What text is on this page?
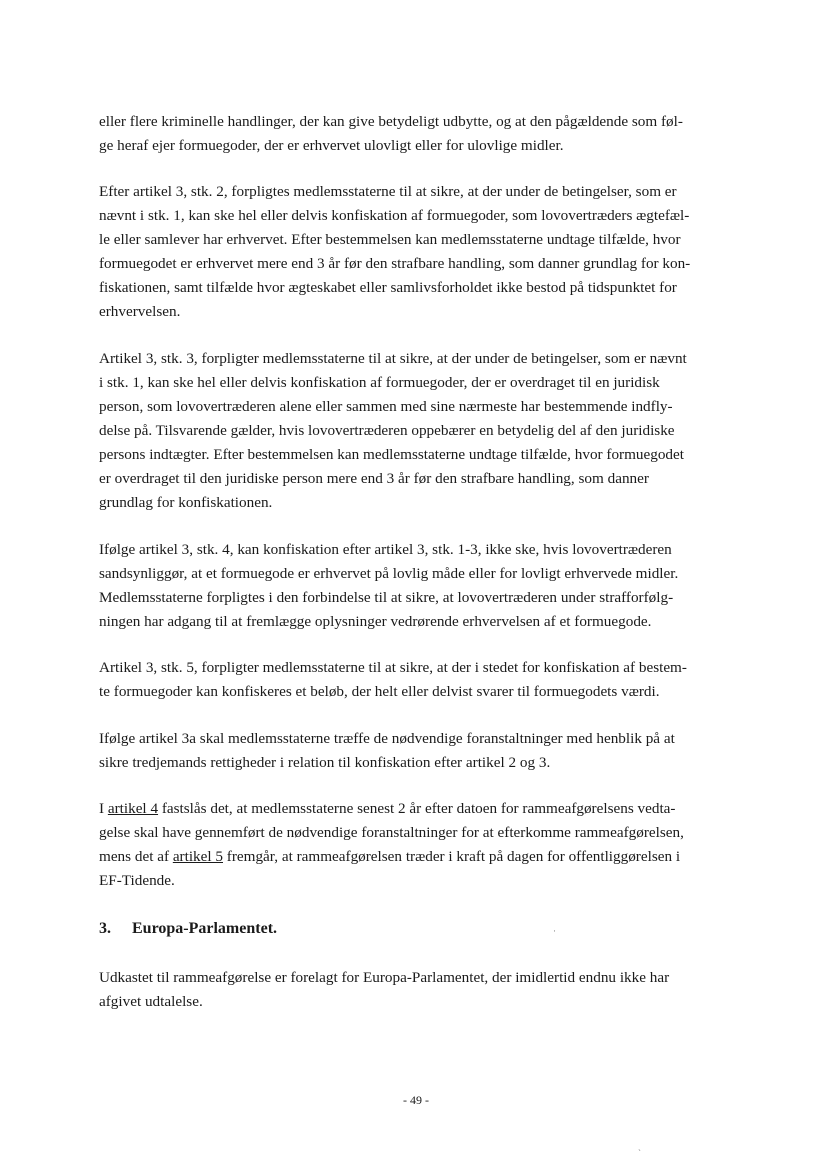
eller flere kriminelle handlinger, der kan give betydeligt udbytte, og at den pågældende som føl-

ge heraf ejer formuegoder, der er erhvervet ulovligt eller for ulovlige midler.

Efter artikel 3, stk. 2, forpligtes medlemsstaterne til at sikre, at der under de betingelser, som er

nævnt i stk. 1, kan ske hel eller delvis konfiskation af formuegoder, som lovovertræders ægtefæl-

le eller samlever har erhvervet. Efter bestemmelsen kan medlemsstaterne undtage tilfælde, hvor

formuegodet er erhvervet mere end 3 år før den strafbare handling, som danner grundlag for kon-

fiskationen, samt tilfælde hvor ægteskabet eller samlivsforholdet ikke bestod på tidspunktet for

erhvervelsen.

Artikel 3, stk. 3, forpligter medlemsstaterne til at sikre, at der under de betingelser, som er nævnt

i stk. 1, kan ske hel eller delvis konfiskation af formuegoder, der er overdraget til en juridisk

person, som lovovertræderen alene eller sammen med sine nærmeste har bestemmende indfly-

delse på. Tilsvarende gælder, hvis lovovertræderen oppebærer en betydelig del af den juridiske

persons indtægter. Efter bestemmelsen kan medlemsstaterne undtage tilfælde, hvor formuegodet

er overdraget til den juridiske person mere end 3 år før den strafbare handling, som danner

grundlag for konfiskationen.

Ifølge artikel 3, stk. 4, kan konfiskation efter artikel 3, stk. 1-3, ikke ske, hvis lovovertræderen

sandsynliggør, at et formuegode er erhvervet på lovlig måde eller for lovligt erhvervede midler.

Medlemsstaterne forpligtes i den forbindelse til at sikre, at lovovertræderen under strafforfølg-

ningen har adgang til at fremlægge oplysninger vedrørende erhvervelsen af et formuegode.

Artikel 3, stk. 5, forpligter medlemsstaterne til at sikre, at der i stedet for konfiskation af bestem-

te formuegoder kan konfiskeres et beløb, der helt eller delvist svarer til formuegodets værdi.

Ifølge artikel 3a skal medlemsstaterne træffe de nødvendige foranstaltninger med henblik på at

sikre tredjemands rettigheder i relation til konfiskation efter artikel 2 og 3.

I artikel 4 fastslås det, at medlemsstaterne senest 2 år efter datoen for rammeafgørelsens vedta-

gelse skal have gennemført de nødvendige foranstaltninger for at efterkomme rammeafgørelsen,

mens det af artikel 5 fremgår, at rammeafgørelsen træder i kraft på dagen for offentliggørelsen i

EF-Tidende.

3. Europa-Parlamentet.

Udkastet til rammeafgørelse er forelagt for Europa-Parlamentet, der imidlertid endnu ikke har

afgivet udtalelse.

- 49 -
·
ˏ
